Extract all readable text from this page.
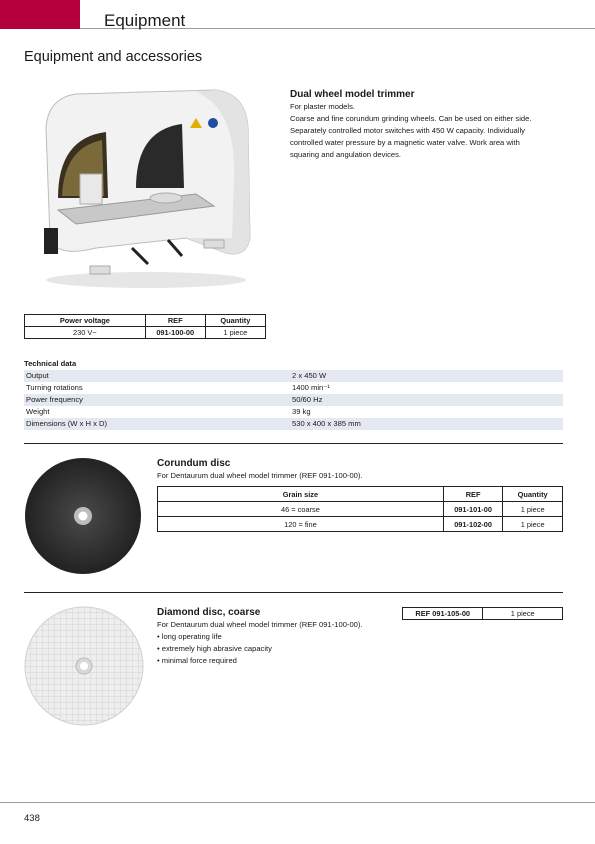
Equipment
Equipment and accessories
Dual wheel model trimmer
For plaster models.
Coarse and fine corundum grinding wheels. Can be used on either side.
Separately controlled motor switches with 450 W capacity. Individually
controlled water pressure by a magnetic water valve. Work area with
squaring and angulation devices.
Power voltage	REF	Quantity
230 V~	091-100-00	1 piece
Technical data
Output	2 x 450 W
Turning rotations	1400 min⁻¹
Power frequency	50/60 Hz
Weight	39 kg
Dimensions (W x H x D)	530 x 400 x 385 mm
Corundum disc
For Dentaurum dual wheel model trimmer (REF 091-100-00).
Grain size	REF	Quantity
46 = coarse	091-101-00	1 piece
120 = fine	091-102-00	1 piece
Diamond disc, coarse
For Dentaurum dual wheel model trimmer (REF 091-100-00).
• long operating life
• extremely high abrasive capacity
• minimal force required
REF 091-105-00	1 piece
438
